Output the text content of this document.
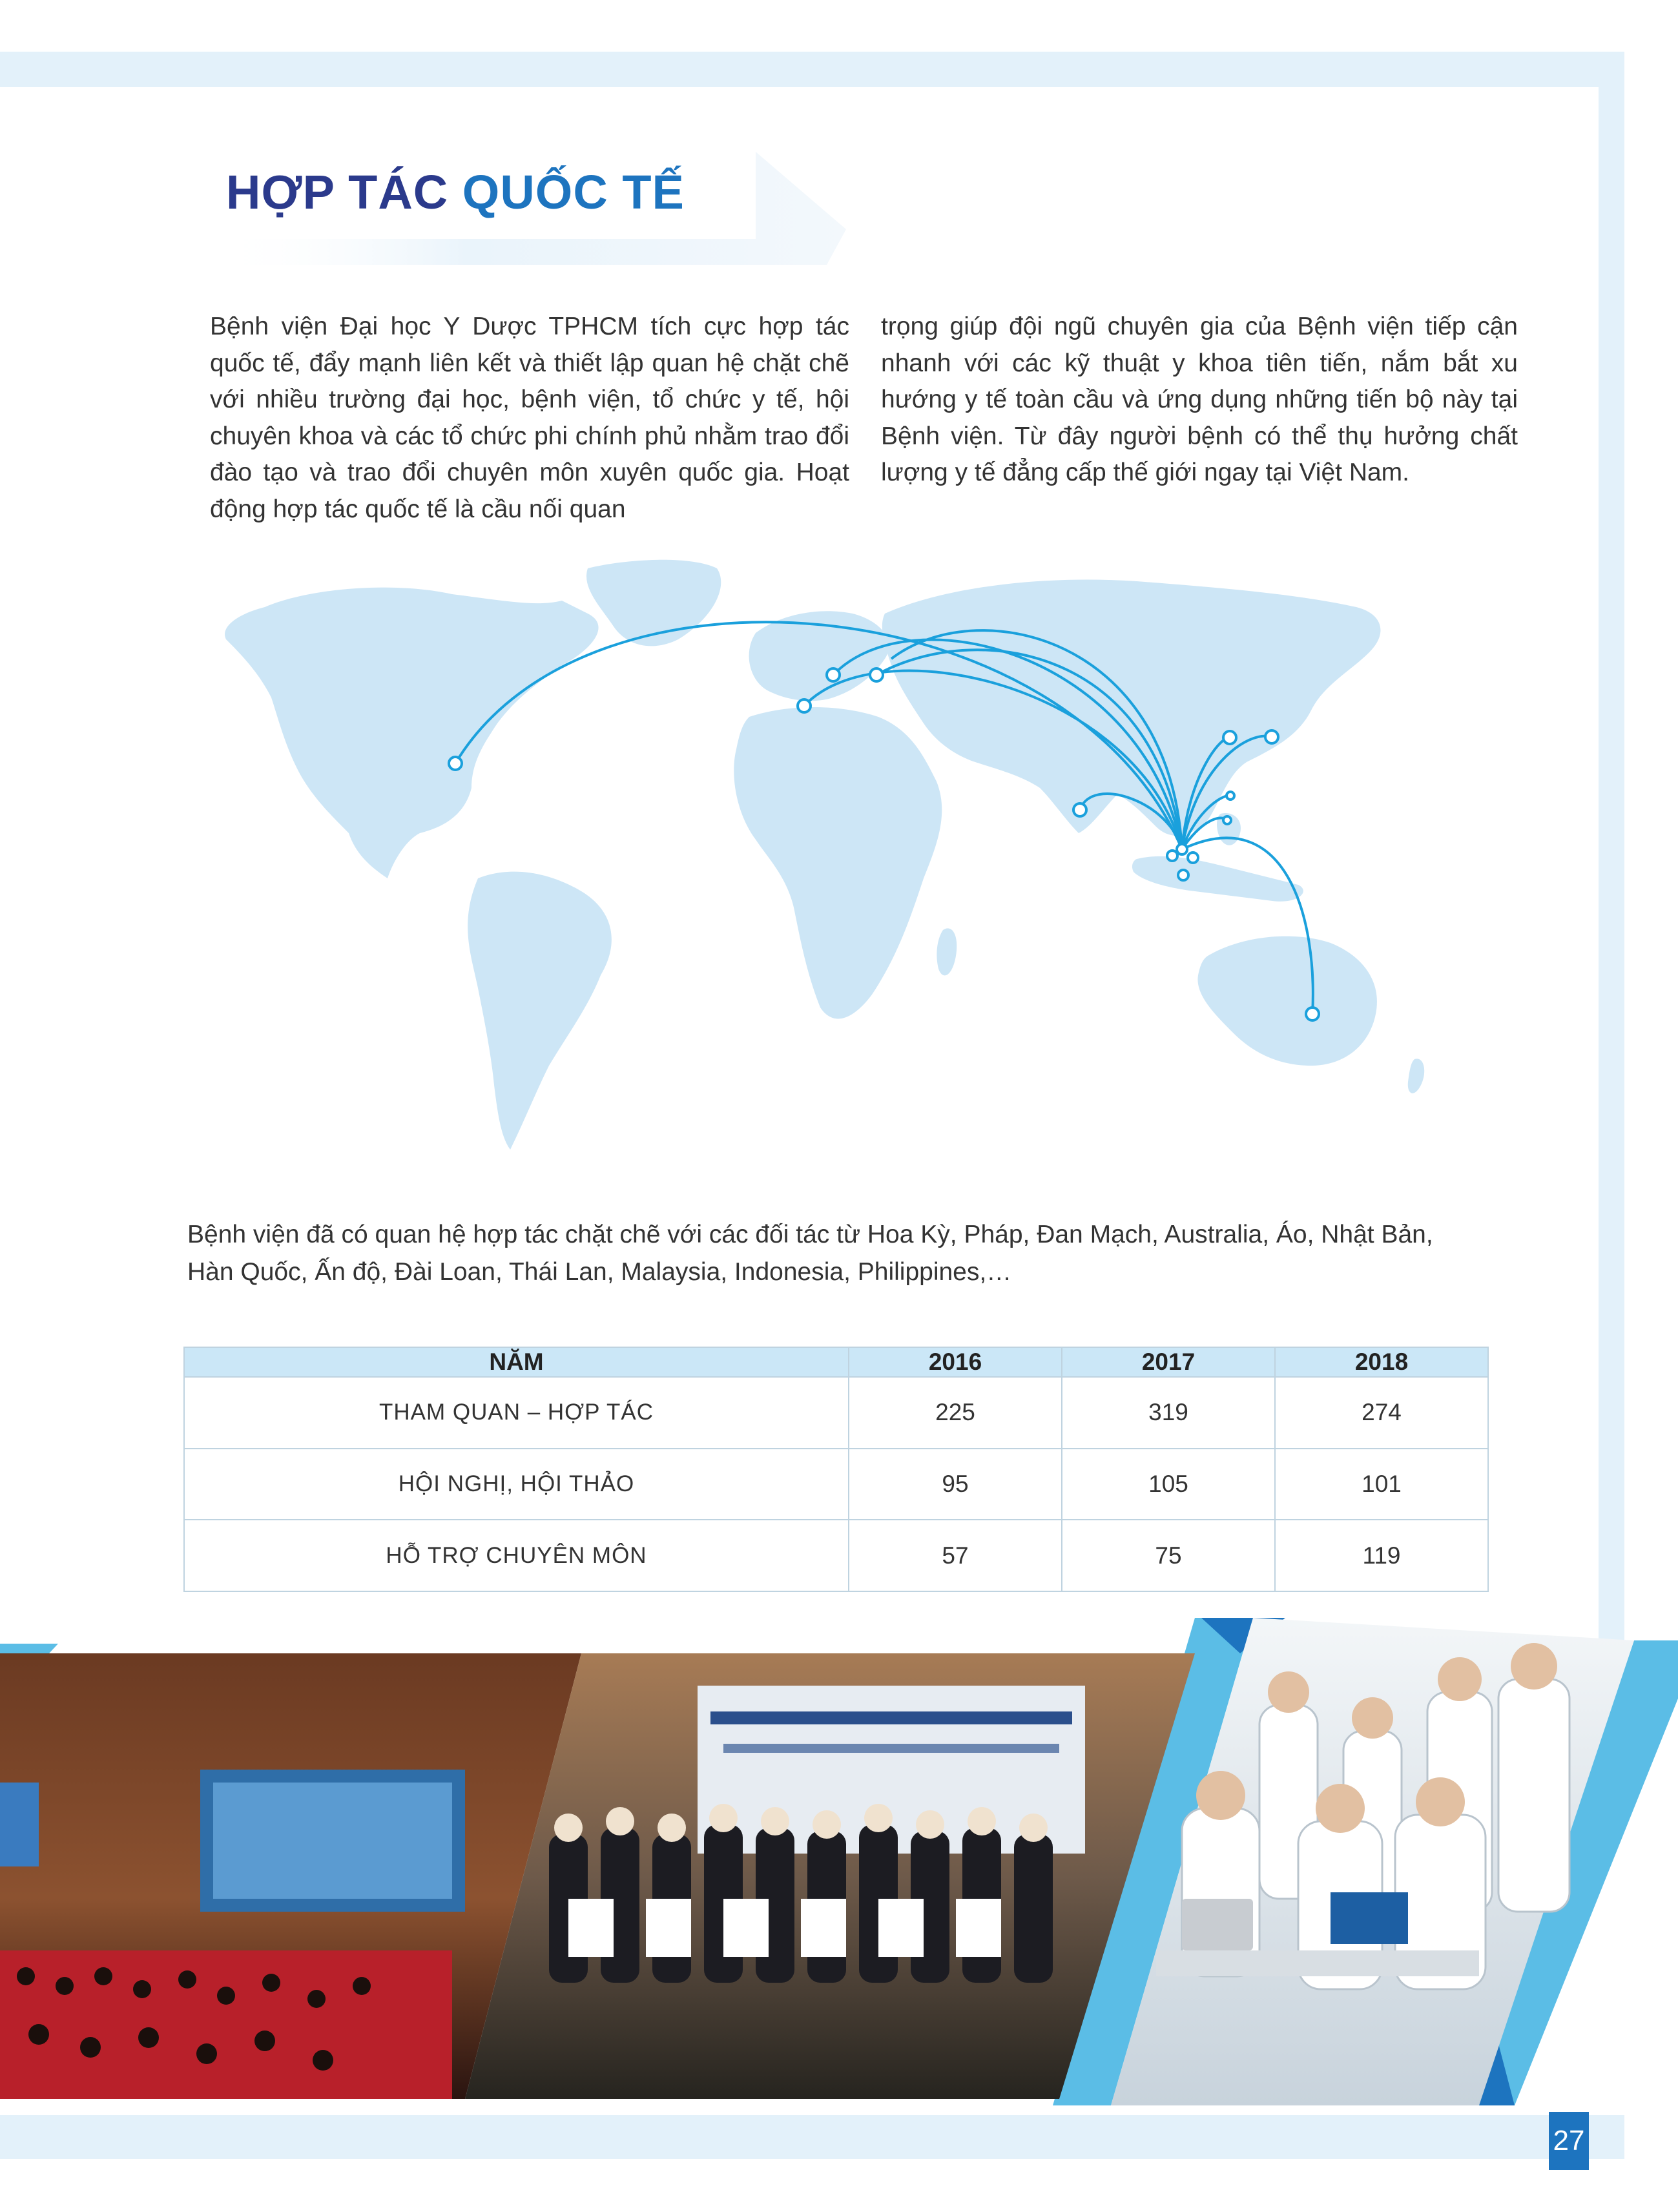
27
HỢP TÁC QUỐC TẾ

Bệnh viện Đại học Y Dược TPHCM tích cực hợp tác quốc tế, đẩy mạnh liên kết và thiết lập quan hệ chặt chẽ với nhiều trường đại học, bệnh viện, tổ chức y tế, hội chuyên khoa và các tổ chức phi chính phủ nhằm trao đổi đào tạo và trao đổi chuyên môn xuyên quốc gia. Hoạt động hợp tác quốc tế là cầu nối quan

trọng giúp đội ngũ chuyên gia của Bệnh viện tiếp cận nhanh với các kỹ thuật y khoa tiên tiến, nắm bắt xu hướng y tế toàn cầu và ứng dụng những tiến bộ này tại Bệnh viện. Từ đây người bệnh có thể thụ hưởng chất lượng y tế đẳng cấp thế giới ngay tại Việt Nam.

Bệnh viện đã có quan hệ hợp tác chặt chẽ với các đối tác từ Hoa Kỳ, Pháp, Đan Mạch, Australia, Áo, Nhật Bản, Hàn Quốc, Ấn độ, Đài Loan, Thái Lan, Malaysia, Indonesia, Philippines,…

NĂM	2016	2017	2018
THAM QUAN – HỢP TÁC	225	319	274
HỘI NGHỊ, HỘI THẢO	95	105	101
HỖ TRỢ CHUYÊN MÔN	57	75	119
